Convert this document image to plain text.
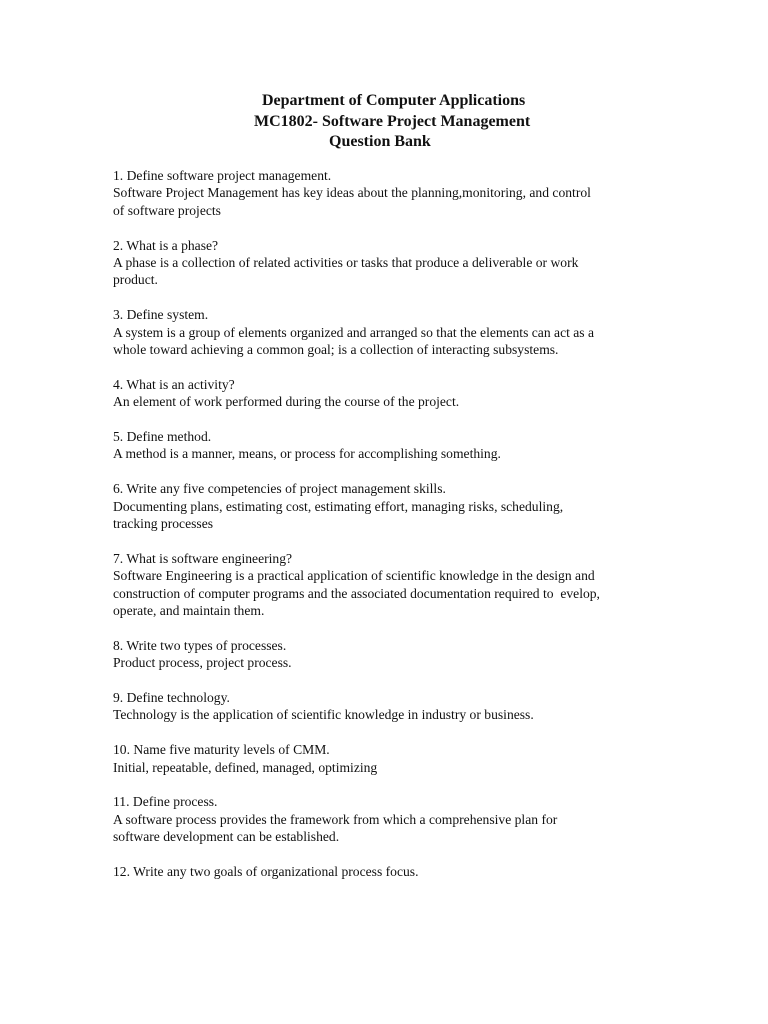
Department of Computer Applications
MC1802- Software Project Management
Question Bank

1. Define software project management.

Software Project Management has key ideas about the planning,monitoring, and control
of software projects

2. What is a phase?

A phase is a collection of related activities or tasks that produce a deliverable or work
product.

3. Define system.

A system is a group of elements organized and arranged so that the elements can act as a
whole toward achieving a common goal; is a collection of interacting subsystems.

4. What is an activity?

An element of work performed during the course of the project.

5. Define method.

A method is a manner, means, or process for accomplishing something.

6. Write any five competencies of project management skills.

Documenting plans, estimating cost, estimating effort, managing risks, scheduling,
tracking processes

7. What is software engineering?

Software Engineering is a practical application of scientific knowledge in the design and
construction of computer programs and the associated documentation required to  evelop,
operate, and maintain them.

8. Write two types of processes.

Product process, project process.

9. Define technology.

Technology is the application of scientific knowledge in industry or business.

10. Name five maturity levels of CMM.

Initial, repeatable, defined, managed, optimizing

11. Define process.

A software process provides the framework from which a comprehensive plan for
software development can be established.

12. Write any two goals of organizational process focus.
